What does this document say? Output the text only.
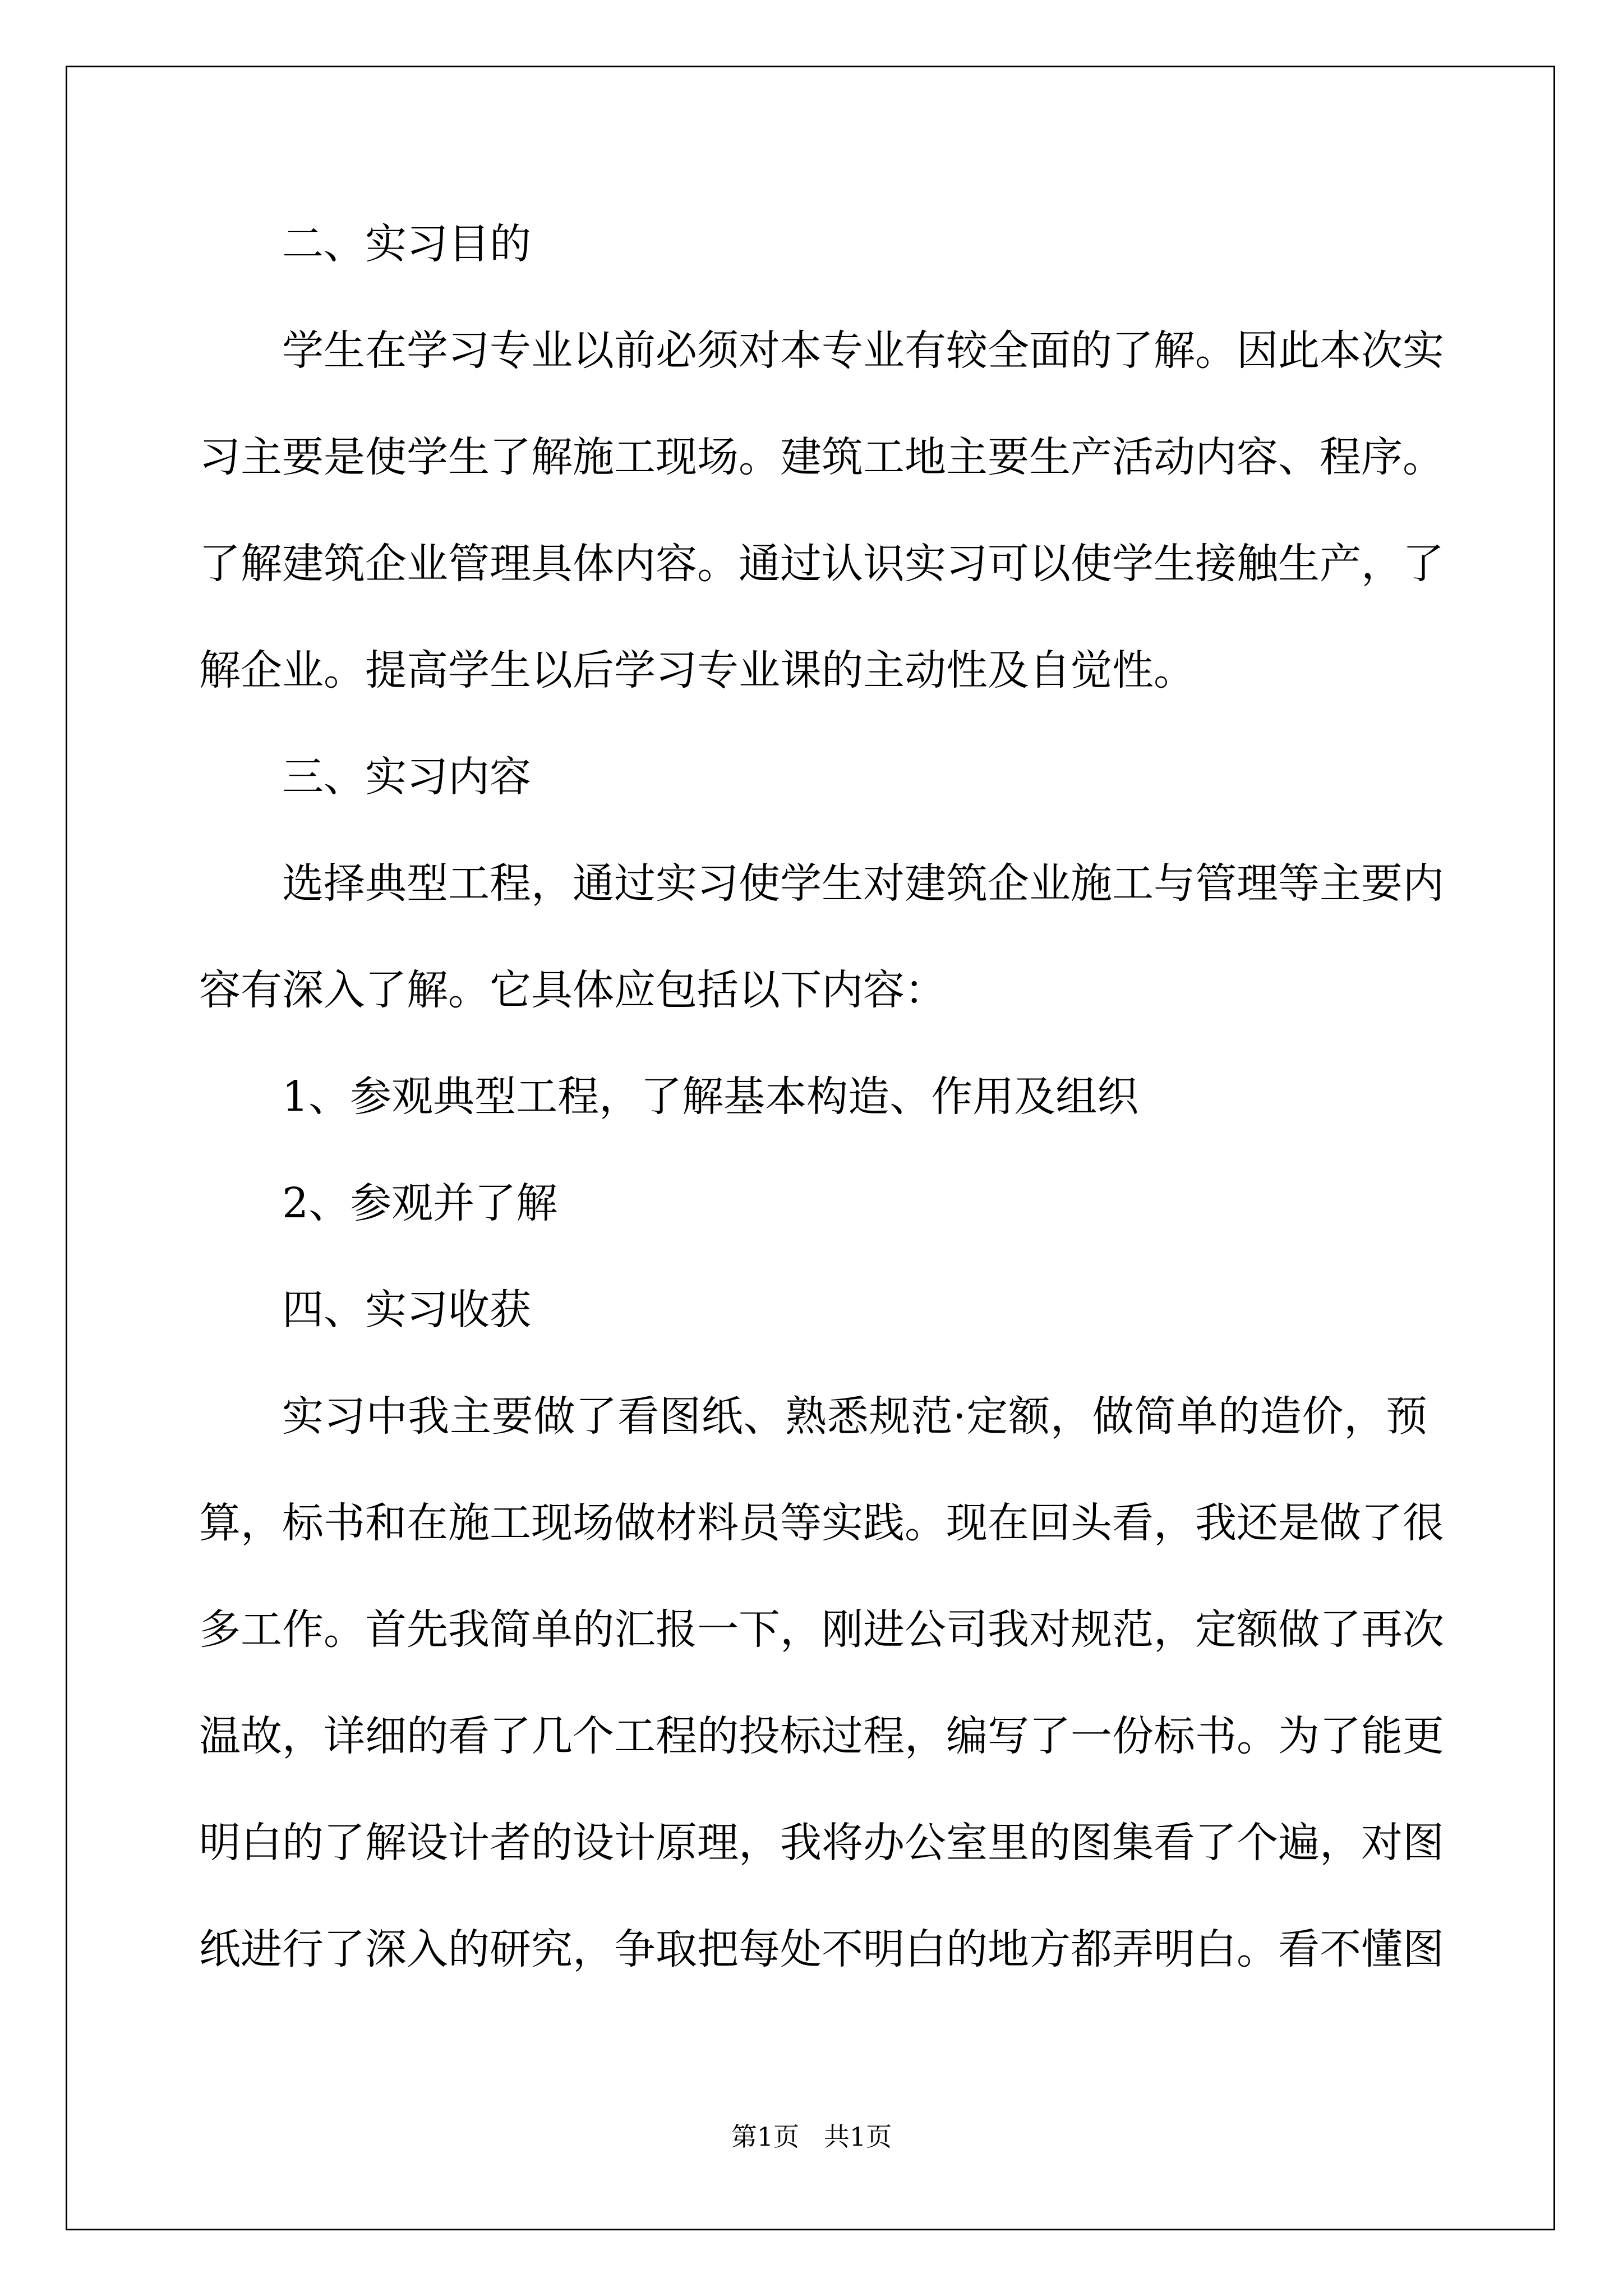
二、实习目的
学生在学习专业以前必须对本专业有较全面的了解。因此本次实
习主要是使学生了解施工现场。建筑工地主要生产活动内容、程序。
了解建筑企业管理具体内容。通过认识实习可以使学生接触生产，了
解企业。提高学生以后学习专业课的主动性及自觉性。
三、实习内容
选择典型工程，通过实习使学生对建筑企业施工与管理等主要内
容有深入了解。它具体应包括以下内容：
1、参观典型工程，了解基本构造、作用及组织
2、参观并了解
四、实习收获
实习中我主要做了看图纸、熟悉规范·定额，做简单的造价，预
算，标书和在施工现场做材料员等实践。现在回头看，我还是做了很
多工作。首先我简单的汇报一下，刚进公司我对规范，定额做了再次
温故，详细的看了几个工程的投标过程，编写了一份标书。为了能更
明白的了解设计者的设计原理，我将办公室里的图集看了个遍，对图
纸进行了深入的研究，争取把每处不明白的地方都弄明白。看不懂图
第1页   共1页
